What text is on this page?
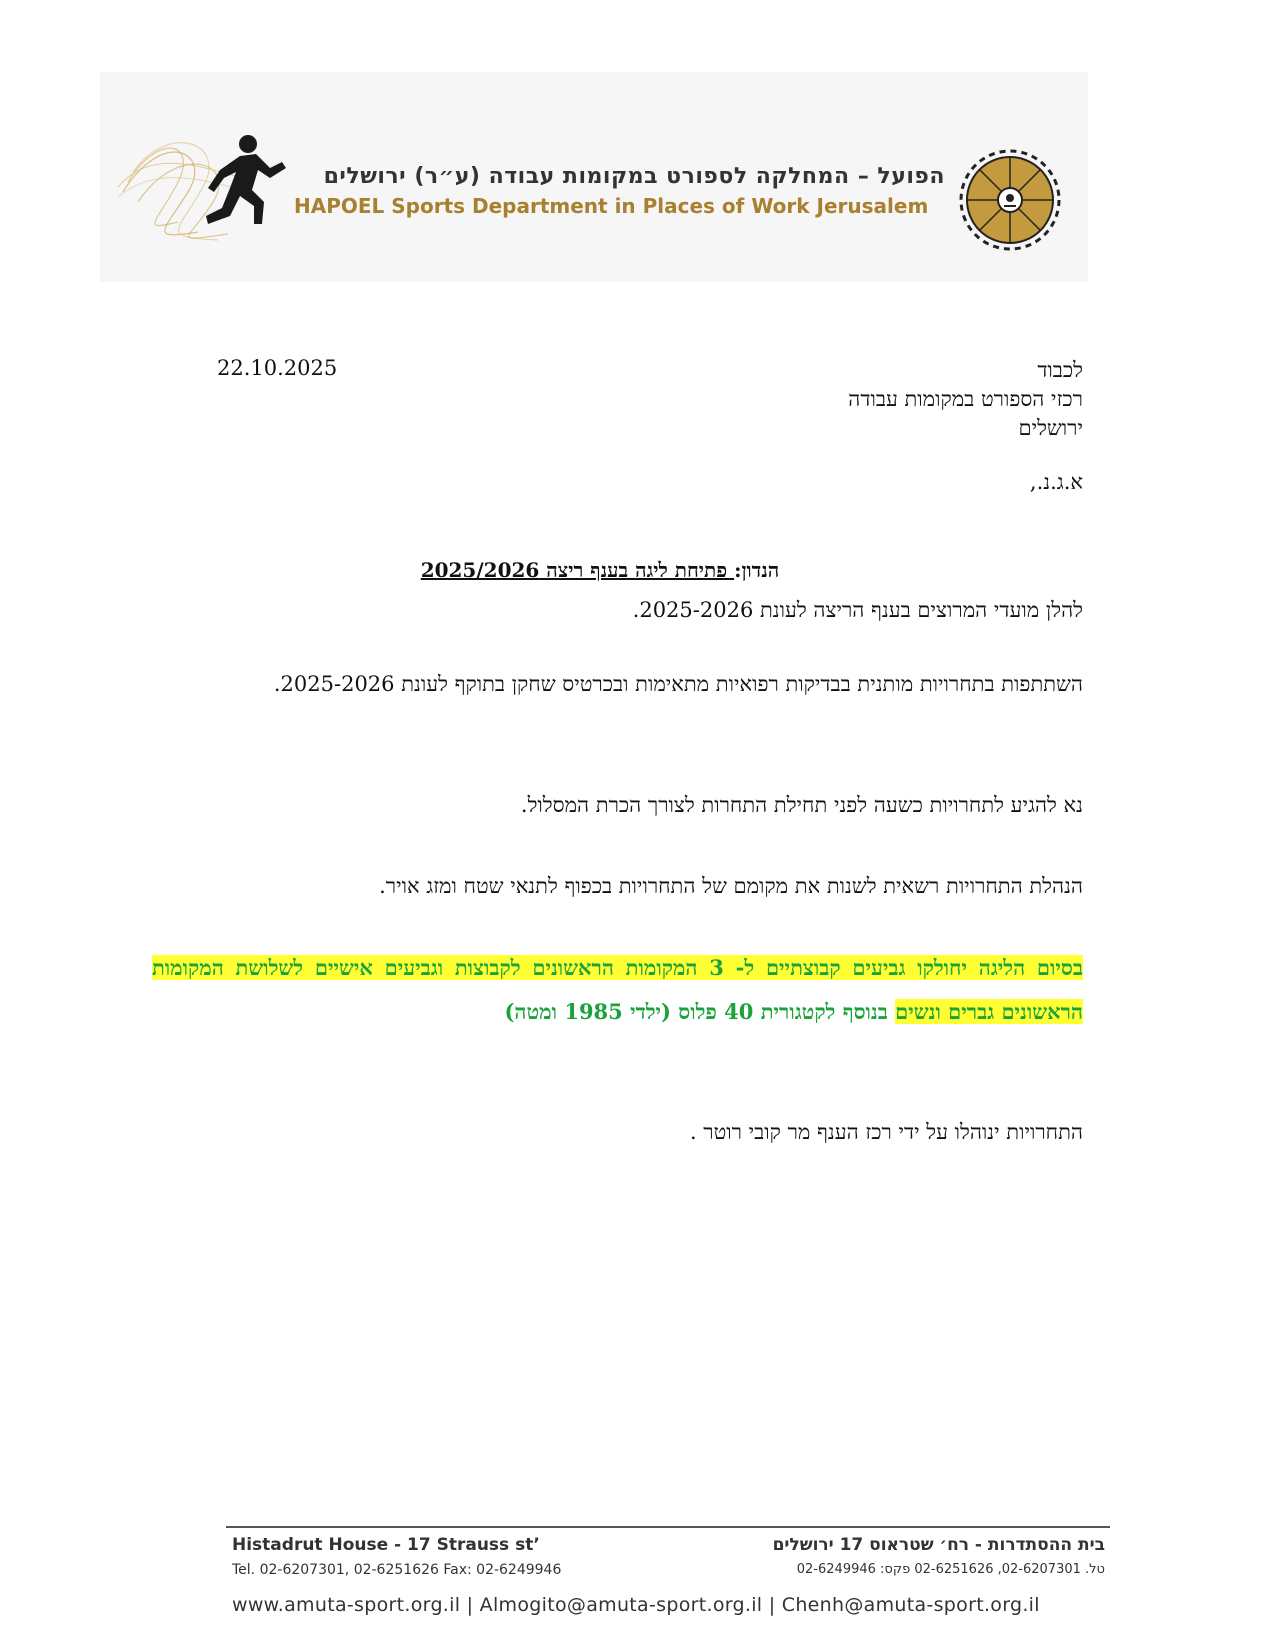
הפועל – המחלקה לספורט במקומות עבודה (ע״ר) ירושלים
HAPOEL Sports Department in Places of Work Jerusalem
לכבוד
רכזי הספורט במקומות עבודה
ירושלים
22.10.2025
א.ג.נ.,
הנדון: פתיחת ליגה בענף ריצה 2025/2026
להלן מועדי המרוצים בענף הריצה לעונת 2025-2026.
השתתפות בתחרויות מותנית בבדיקות רפואיות מתאימות ובכרטיס שחקן בתוקף לעונת 2025-2026.
נא להגיע לתחרויות כשעה לפני תחילת התחרות לצורך הכרת המסלול.
הנהלת התחרויות רשאית לשנות את מקומם של התחרויות בכפוף לתנאי שטח ומזג אויר.
בסיום הליגה יחולקו גביעים קבוצתיים ל- 3 המקומות הראשונים לקבוצות וגביעים אישיים לשלושת המקומות הראשונים גברים ונשים בנוסף לקטגורית 40 פלוס (ילדי 1985 ומטה)
התחרויות ינוהלו על ידי רכז הענף מר קובי רוטר .
Histadrut House - 17 Strauss st’
Tel. 02-6207301, 02-6251626 Fax: 02-6249946
בית ההסתדרות - רח׳ שטראוס 17 ירושלים
טל. 02-6207301, 02-6251626 פקס: 02-6249946
www.amuta-sport.org.il | Almogito@amuta-sport.org.il | Chenh@amuta-sport.org.il
